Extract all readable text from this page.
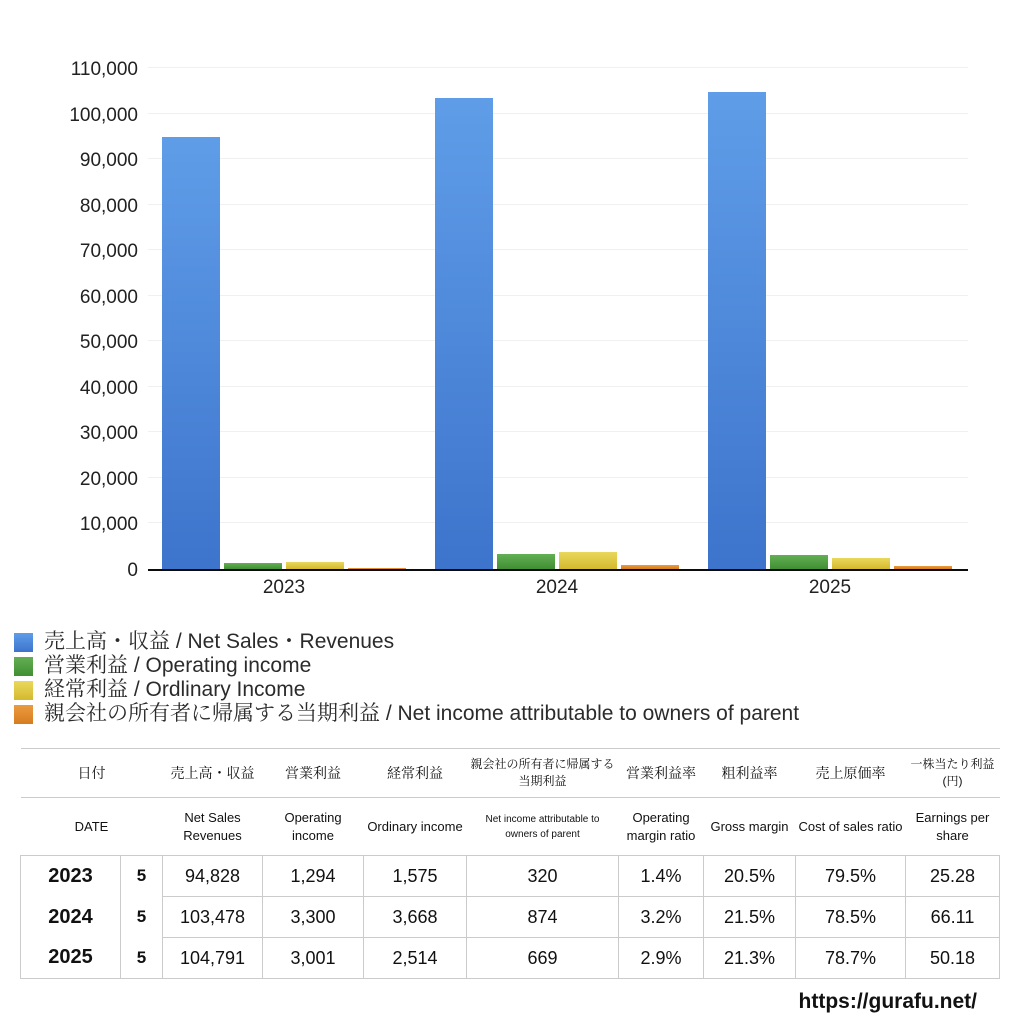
0
10,000
20,000
30,000
40,000
50,000
60,000
70,000
80,000
90,000
100,000
110,000
2023	2024	2025
売上高・収益 / Net Sales・Revenues
営業利益 / Operating income
経常利益 / Ordlinary Income
親会社の所有者に帰属する当期利益 / Net income attributable to owners of parent
日付		売上高・収益	営業利益	経常利益	親会社の所有者に帰属する当期利益	営業利益率	粗利益率	売上原価率	一株当たり利益(円)
DATE		Net Sales Revenues	Operating income	Ordinary income	Net income attributable to owners of parent	Operating margin ratio	Gross margin	Cost of sales ratio	Earnings per share
2023	5	94,828	1,294	1,575	320	1.4%	20.5%	79.5%	25.28
2024	5	103,478	3,300	3,668	874	3.2%	21.5%	78.5%	66.11
2025	5	104,791	3,001	2,514	669	2.9%	21.3%	78.7%	50.18
https://gurafu.net/
